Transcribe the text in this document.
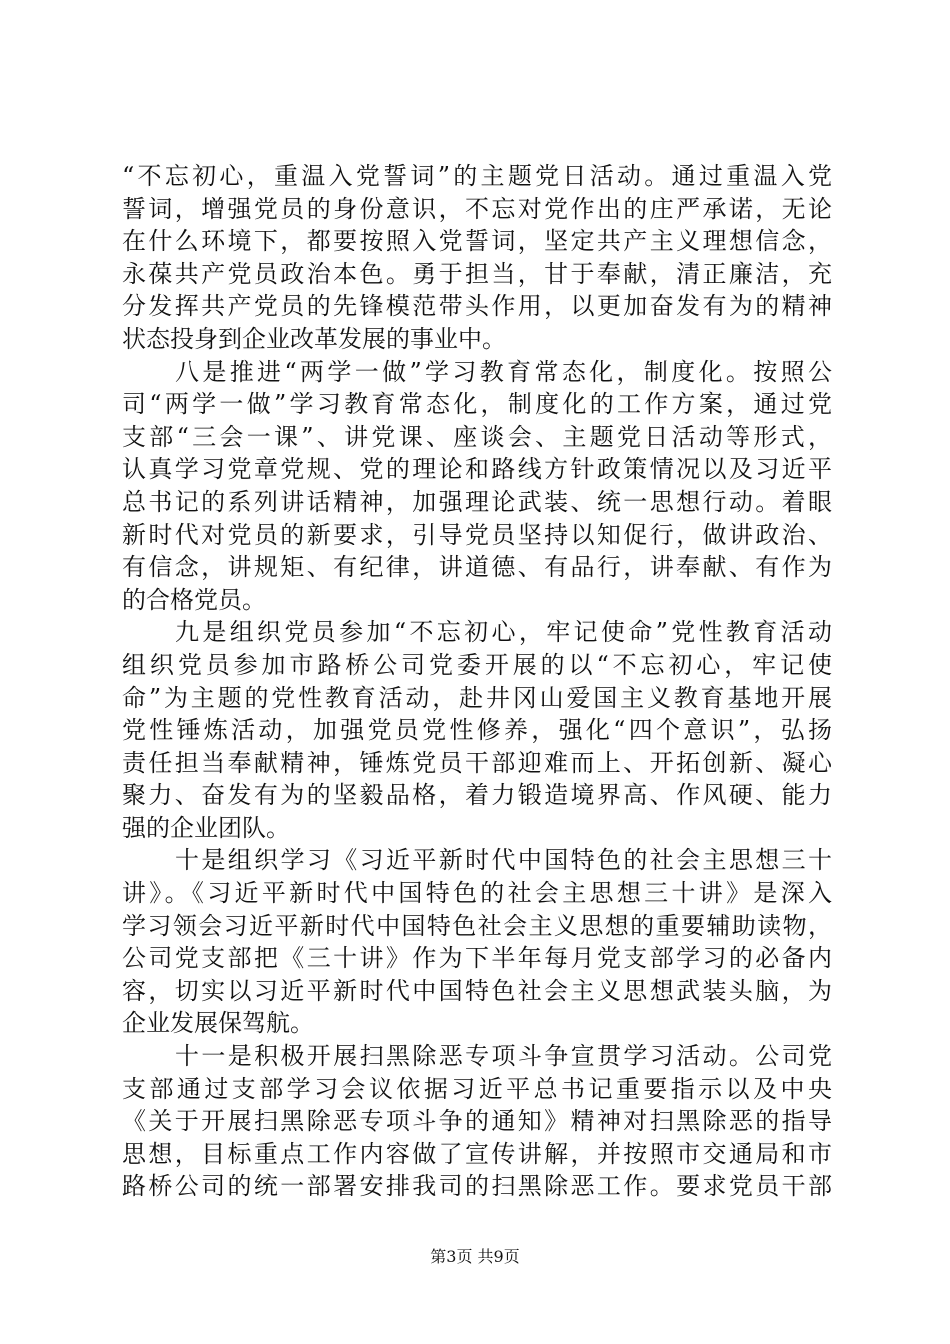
“不忘初心，重温入党誓词”的主题党日活动。通过重温入党
誓词，增强党员的身份意识，不忘对党作出的庄严承诺，无论
在什么环境下，都要按照入党誓词，坚定共产主义理想信念，
永葆共产党员政治本色。勇于担当，甘于奉献，清正廉洁，充
分发挥共产党员的先锋模范带头作用，以更加奋发有为的精神
状态投身到企业改革发展的事业中。
八是推进“两学一做”学习教育常态化，制度化。按照公
司“两学一做”学习教育常态化，制度化的工作方案，通过党
支部“三会一课”、讲党课、座谈会、主题党日活动等形式，
认真学习党章党规、党的理论和路线方针政策情况以及习近平
总书记的系列讲话精神，加强理论武装、统一思想行动。着眼
新时代对党员的新要求，引导党员坚持以知促行，做讲政治、
有信念，讲规矩、有纪律，讲道德、有品行，讲奉献、有作为
的合格党员。
九是组织党员参加“不忘初心，牢记使命”党性教育活动
组织党员参加市路桥公司党委开展的以“不忘初心，牢记使
命”为主题的党性教育活动，赴井冈山爱国主义教育基地开展
党性锤炼活动，加强党员党性修养，强化“四个意识”，弘扬
责任担当奉献精神，锤炼党员干部迎难而上、开拓创新、凝心
聚力、奋发有为的坚毅品格，着力锻造境界高、作风硬、能力
强的企业团队。
十是组织学习《习近平新时代中国特色的社会主思想三十
讲》。《习近平新时代中国特色的社会主思想三十讲》是深入
学习领会习近平新时代中国特色社会主义思想的重要辅助读物，
公司党支部把《三十讲》作为下半年每月党支部学习的必备内
容，切实以习近平新时代中国特色社会主义思想武装头脑，为
企业发展保驾航。
十一是积极开展扫黑除恶专项斗争宣贯学习活动。公司党
支部通过支部学习会议依据习近平总书记重要指示以及中央
《关于开展扫黑除恶专项斗争的通知》精神对扫黑除恶的指导
思想，目标重点工作内容做了宣传讲解，并按照市交通局和市
路桥公司的统一部署安排我司的扫黑除恶工作。要求党员干部
第3页 共9页
